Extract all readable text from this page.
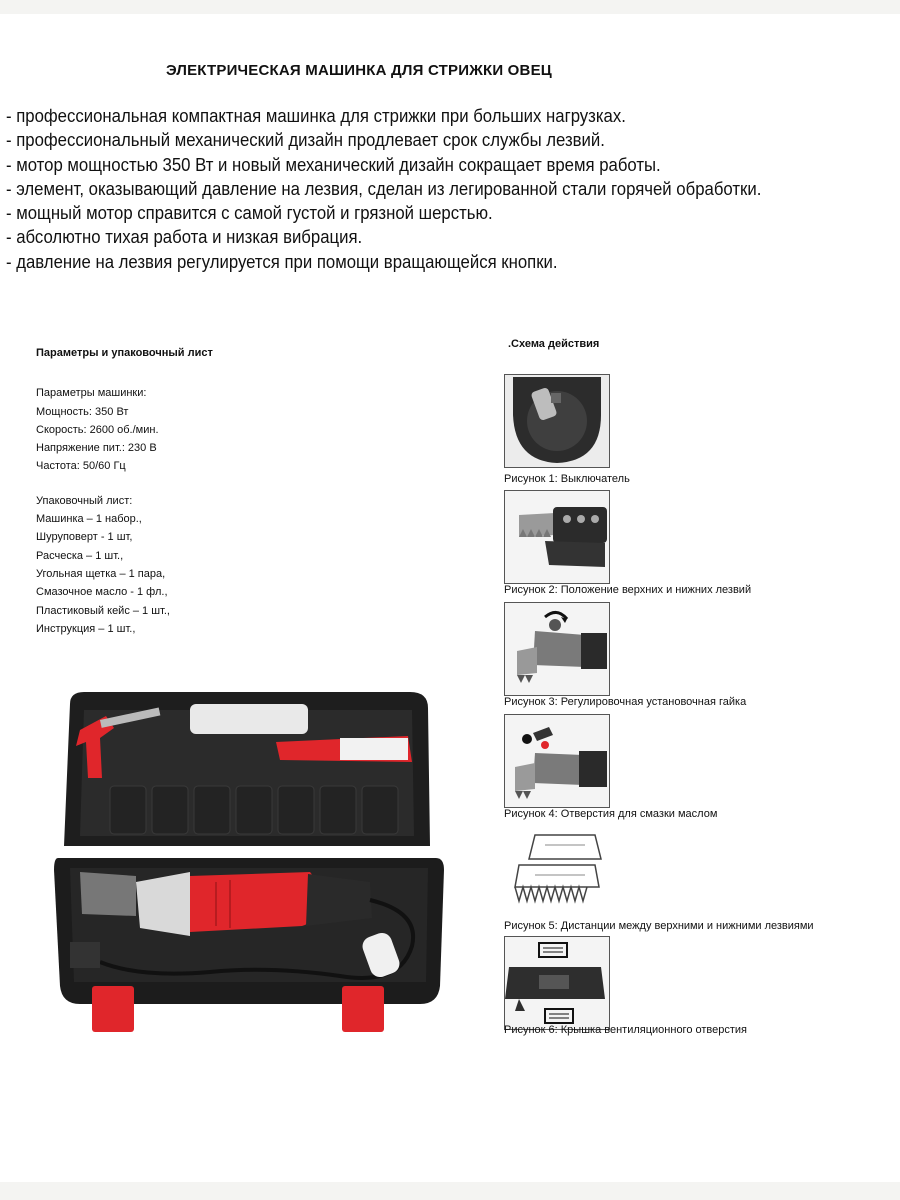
ЭЛЕКТРИЧЕСКАЯ МАШИНКА ДЛЯ СТРИЖКИ ОВЕЦ
- профессиональная компактная машинка для стрижки при больших нагрузках.
- профессиональный механический дизайн продлевает срок службы лезвий.
- мотор мощностью 350 Вт и новый механический дизайн сокращает время работы.
- элемент, оказывающий давление на лезвия, сделан из легированной стали горячей обработки.
- мощный мотор справится с самой густой и грязной шерстью.
- абсолютно тихая работа и низкая вибрация.
- давление на лезвия регулируется при помощи вращающейся кнопки.
Параметры и упаковочный лист
Параметры машинки:
Мощность: 350 Вт
Скорость: 2600 об./мин.
Напряжение пит.: 230 В
Частота: 50/60 Гц
Упаковочный лист:
Машинка – 1 набор.,
Шуруповерт - 1 шт,
Расческа – 1 шт.,
Угольная щетка – 1 пара,
Смазочное масло - 1 фл.,
Пластиковый кейс – 1 шт.,
Инструкция – 1 шт.,
.Схема действия
Рисунок 1: Выключатель
Рисунок 2: Положение верхних и нижних лезвий
Рисунок 3: Регулировочная установочная гайка
Рисунок 4: Отверстия для смазки маслом
Рисунок 5: Дистанции между верхними и нижними лезвиями
Рисунок 6: Крышка вентиляционного отверстия
